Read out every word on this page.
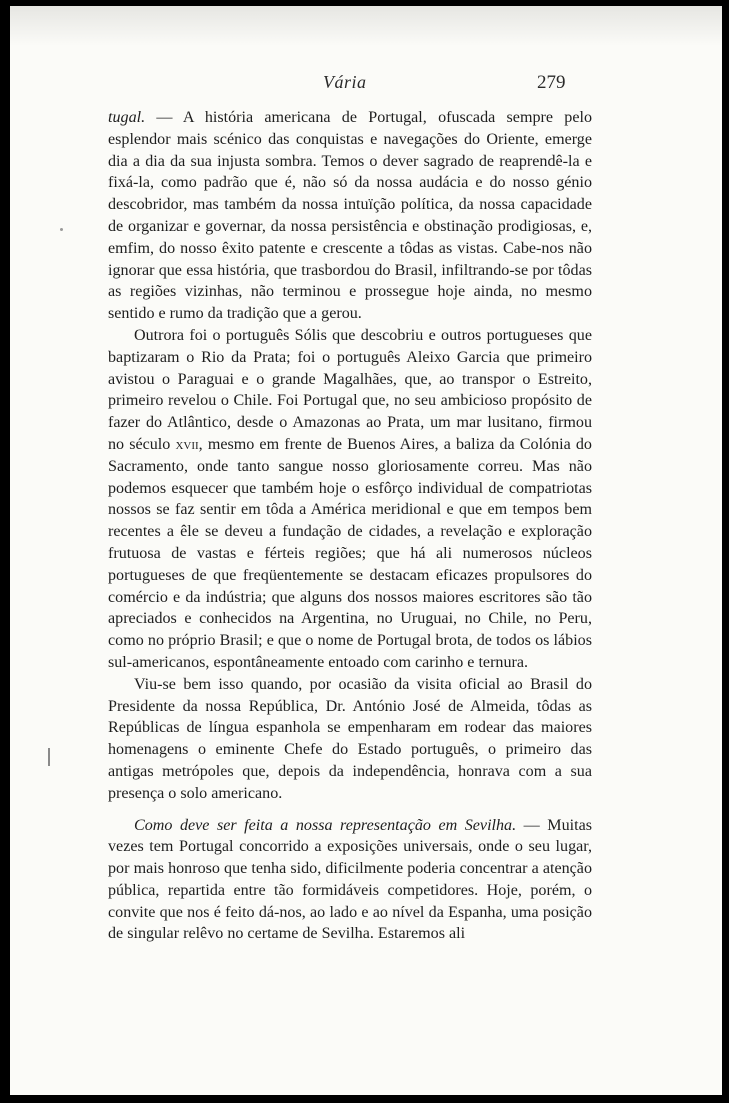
Vária	279

tugal. — A história americana de Portugal, ofuscada sempre pelo esplendor mais scénico das conquistas e navegações do Oriente, emerge dia a dia da sua injusta sombra. Temos o dever sagrado de reaprendê-la e fixá-la, como padrão que é, não só da nossa audácia e do nosso génio descobridor, mas também da nossa intuïção política, da nossa capacidade de organizar e governar, da nossa persistência e obstinação prodigiosas, e, emfim, do nosso êxito patente e crescente a tôdas as vistas. Cabe-nos não ignorar que essa história, que trasbordou do Brasil, infiltrando-se por tôdas as regiões vizinhas, não terminou e prossegue hoje ainda, no mesmo sentido e rumo da tradição que a gerou.

Outrora foi o português Sólis que descobriu e outros portugueses que baptizaram o Rio da Prata; foi o português Aleixo Garcia que primeiro avistou o Paraguai e o grande Magalhães, que, ao transpor o Estreito, primeiro revelou o Chile. Foi Portugal que, no seu ambicioso propósito de fazer do Atlântico, desde o Amazonas ao Prata, um mar lusitano, firmou no século xvii, mesmo em frente de Buenos Aires, a baliza da Colónia do Sacramento, onde tanto sangue nosso gloriosamente correu. Mas não podemos esquecer que também hoje o esfôrço individual de compatriotas nossos se faz sentir em tôda a América meridional e que em tempos bem recentes a êle se deveu a fundação de cidades, a revelação e exploração frutuosa de vastas e férteis regiões; que há ali numerosos núcleos portugueses de que freqüentemente se destacam eficazes propulsores do comércio e da indústria; que alguns dos nossos maiores escritores são tão apreciados e conhecidos na Argentina, no Uruguai, no Chile, no Peru, como no próprio Brasil; e que o nome de Portugal brota, de todos os lábios sul-americanos, espontâneamente entoado com carinho e ternura.

Viu-se bem isso quando, por ocasião da visita oficial ao Brasil do Presidente da nossa República, Dr. António José de Almeida, tôdas as Repúblicas de língua espanhola se empenharam em rodear das maiores homenagens o eminente Chefe do Estado português, o primeiro das antigas metrópoles que, depois da independência, honrava com a sua presença o solo americano.

Como deve ser feita a nossa representação em Sevilha. — Muitas vezes tem Portugal concorrido a exposições universais, onde o seu lugar, por mais honroso que tenha sido, dificilmente poderia concentrar a atenção pública, repartida entre tão formidáveis competidores. Hoje, porém, o convite que nos é feito dá-nos, ao lado e ao nível da Espanha, uma posição de singular relêvo no certame de Sevilha. Estaremos ali
